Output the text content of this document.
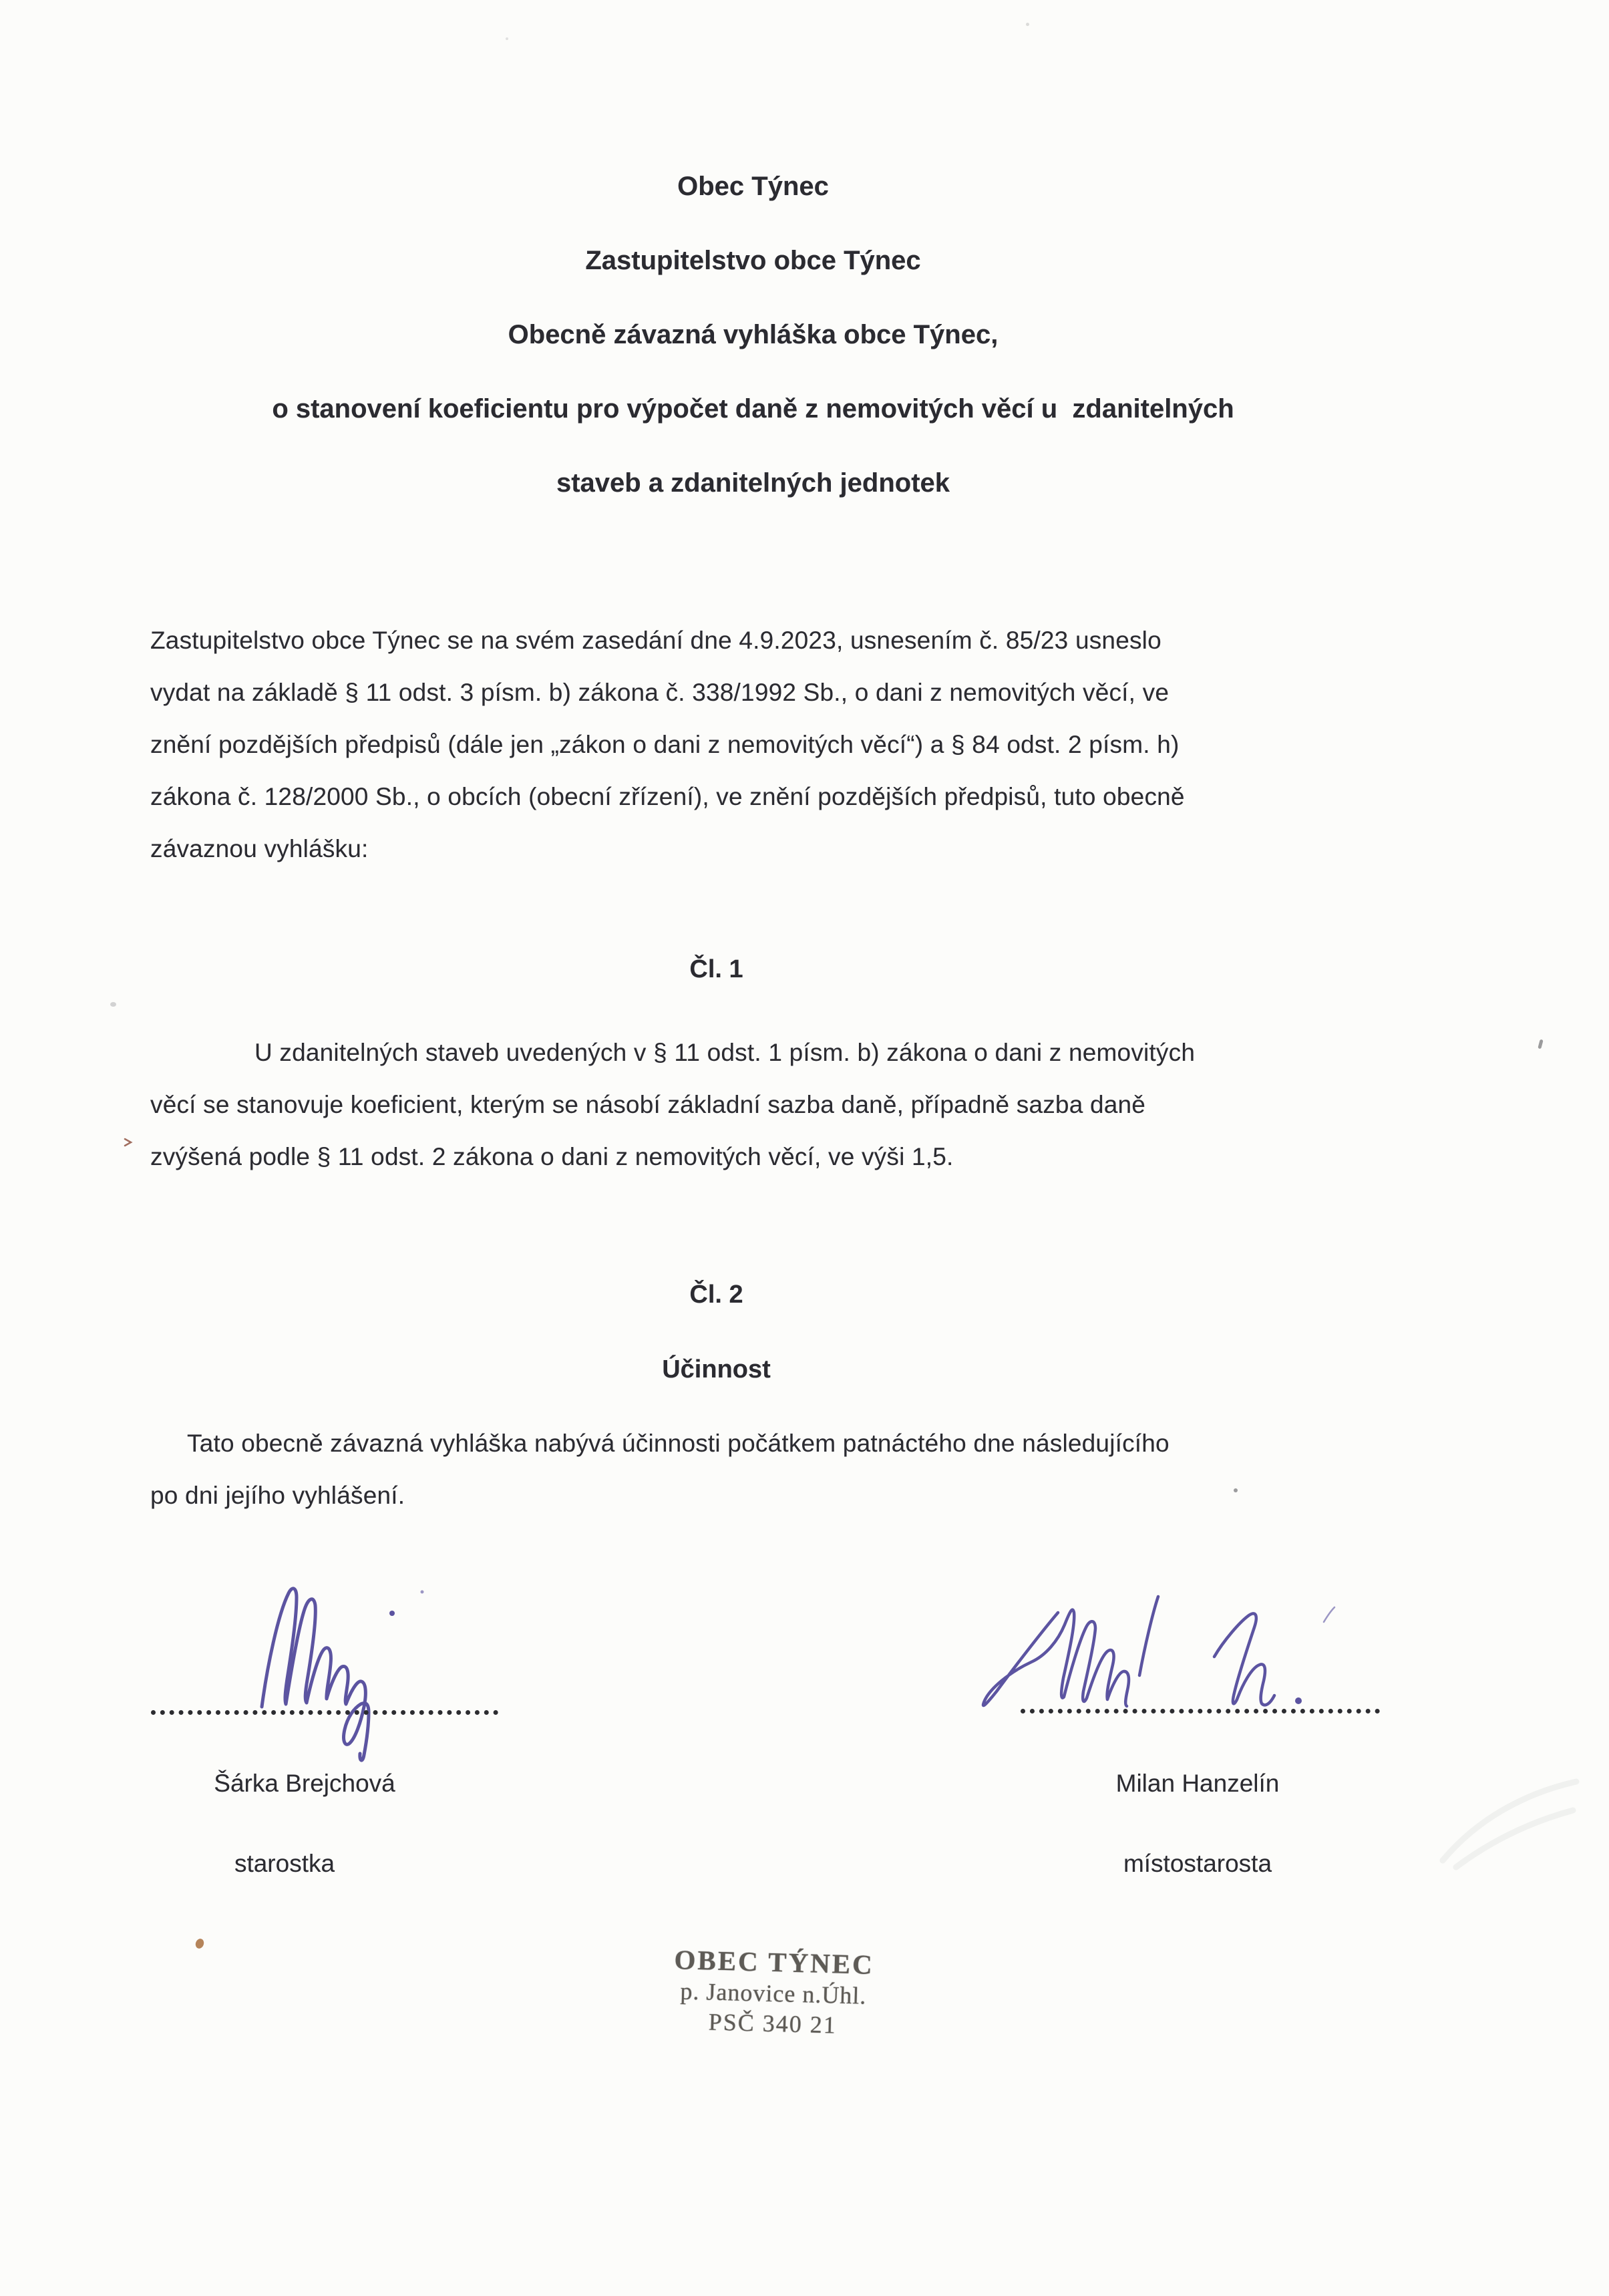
Obec Týnec
Zastupitelstvo obce Týnec
Obecně závazná vyhláška obce Týnec,
o stanovení koeficientu pro výpočet daně z nemovitých věcí u  zdanitelných
staveb a zdanitelných jednotek
Zastupitelstvo obce Týnec se na svém zasedání dne 4.9.2023, usnesením č. 85/23 usneslo
vydat na základě § 11 odst. 3 písm. b) zákona č. 338/1992 Sb., o dani z nemovitých věcí, ve
znění pozdějších předpisů (dále jen „zákon o dani z nemovitých věcí“) a § 84 odst. 2 písm. h)
zákona č. 128/2000 Sb., o obcích (obecní zřízení), ve znění pozdějších předpisů, tuto obecně
závaznou vyhlášku:
Čl. 1
U zdanitelných staveb uvedených v § 11 odst. 1 písm. b) zákona o dani z nemovitých
věcí se stanovuje koeficient, kterým se násobí základní sazba daně, případně sazba daně
zvýšená podle § 11 odst. 2 zákona o dani z nemovitých věcí, ve výši 1,5.
Čl. 2
Účinnost
Tato obecně závazná vyhláška nabývá účinnosti počátkem patnáctého dne následujícího
po dni jejího vyhlášení.
Šárka Brejchová
starostka
Milan Hanzelín
místostarosta
OBEC TÝNEC
p. Janovice n.Úhl.
PSČ 340 21
